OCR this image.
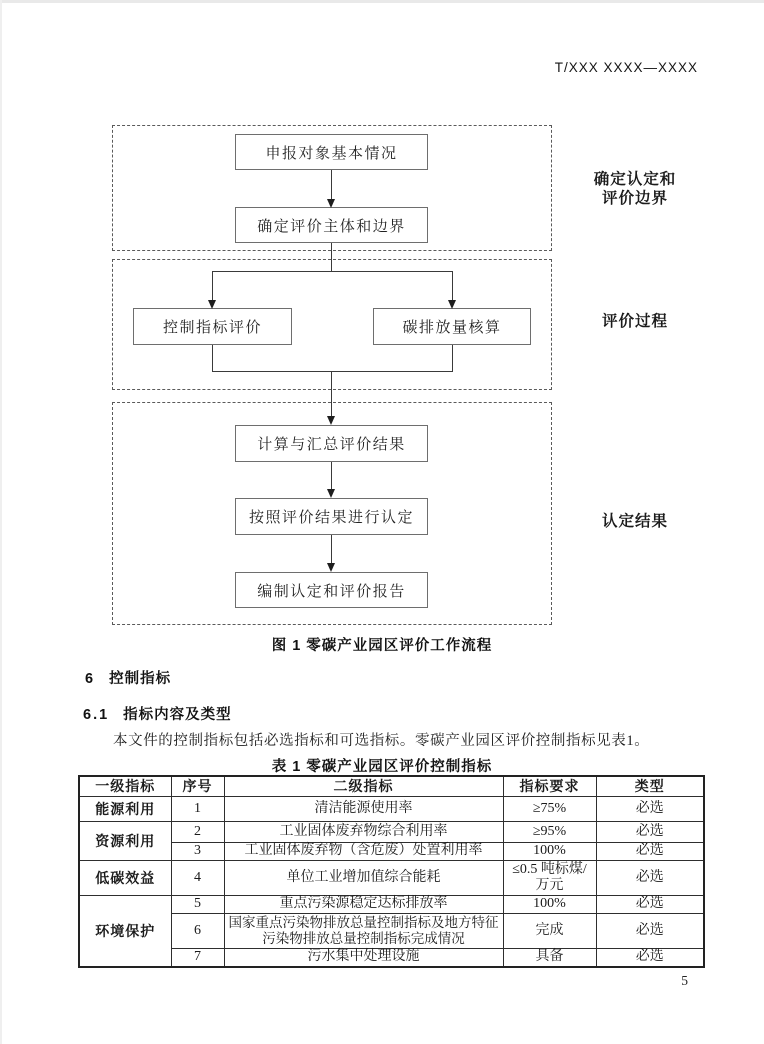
T/XXX XXXX—XXXX
申报对象基本情况
确定评价主体和边界
控制指标评价	碳排放量核算
计算与汇总评价结果
按照评价结果进行认定
编制认定和评价报告
确定认定和
评价边界
评价过程
认定结果
图 1 零碳产业园区评价工作流程
6 控制指标
6.1 指标内容及类型
本文件的控制指标包括必选指标和可选指标。零碳产业园区评价控制指标见表1。
表 1 零碳产业园区评价控制指标
一级指标	序号	二级指标	指标要求	类型
能源利用	1	清洁能源使用率	≥75%	必选
资源利用	2	工业固体废弃物综合利用率	≥95%	必选
	3	工业固体废弃物（含危废）处置利用率	100%	必选
低碳效益	4	单位工业增加值综合能耗	≤0.5 吨标煤/万元	必选
环境保护	5	重点污染源稳定达标排放率	100%	必选
	6	国家重点污染物排放总量控制指标及地方特征污染物排放总量控制指标完成情况	完成	必选
	7	污水集中处理设施	具备	必选
5
